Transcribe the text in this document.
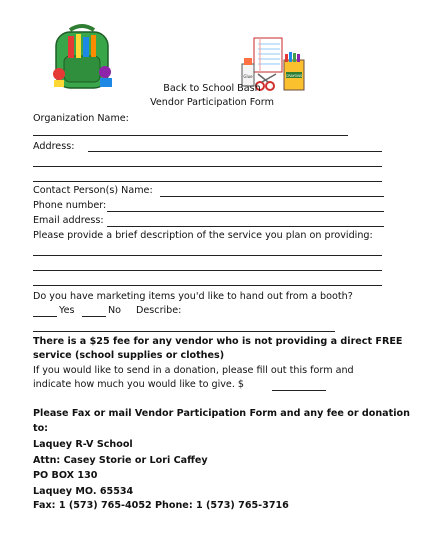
Glue	CRAYONS
Back to School Bash
Vendor Participation Form
Organization Name:
Address:
Contact Person(s) Name:
Phone number:
Email address:
Please provide a brief description of the service you plan on providing:
Do you have marketing items you'd like to hand out from a booth?
Yes	No Describe:
There is a $25 fee for any vendor who is not providing a direct FREE
service (school supplies or clothes)
If you would like to send in a donation, please fill out this form and
indicate how much you would like to give. $
Please Fax or mail Vendor Participation Form and any fee or donation
to:
Laquey R-V School
Attn: Casey Storie or Lori Caffey
PO BOX 130
Laquey MO. 65534
Fax: 1 (573) 765-4052 Phone: 1 (573) 765-3716
